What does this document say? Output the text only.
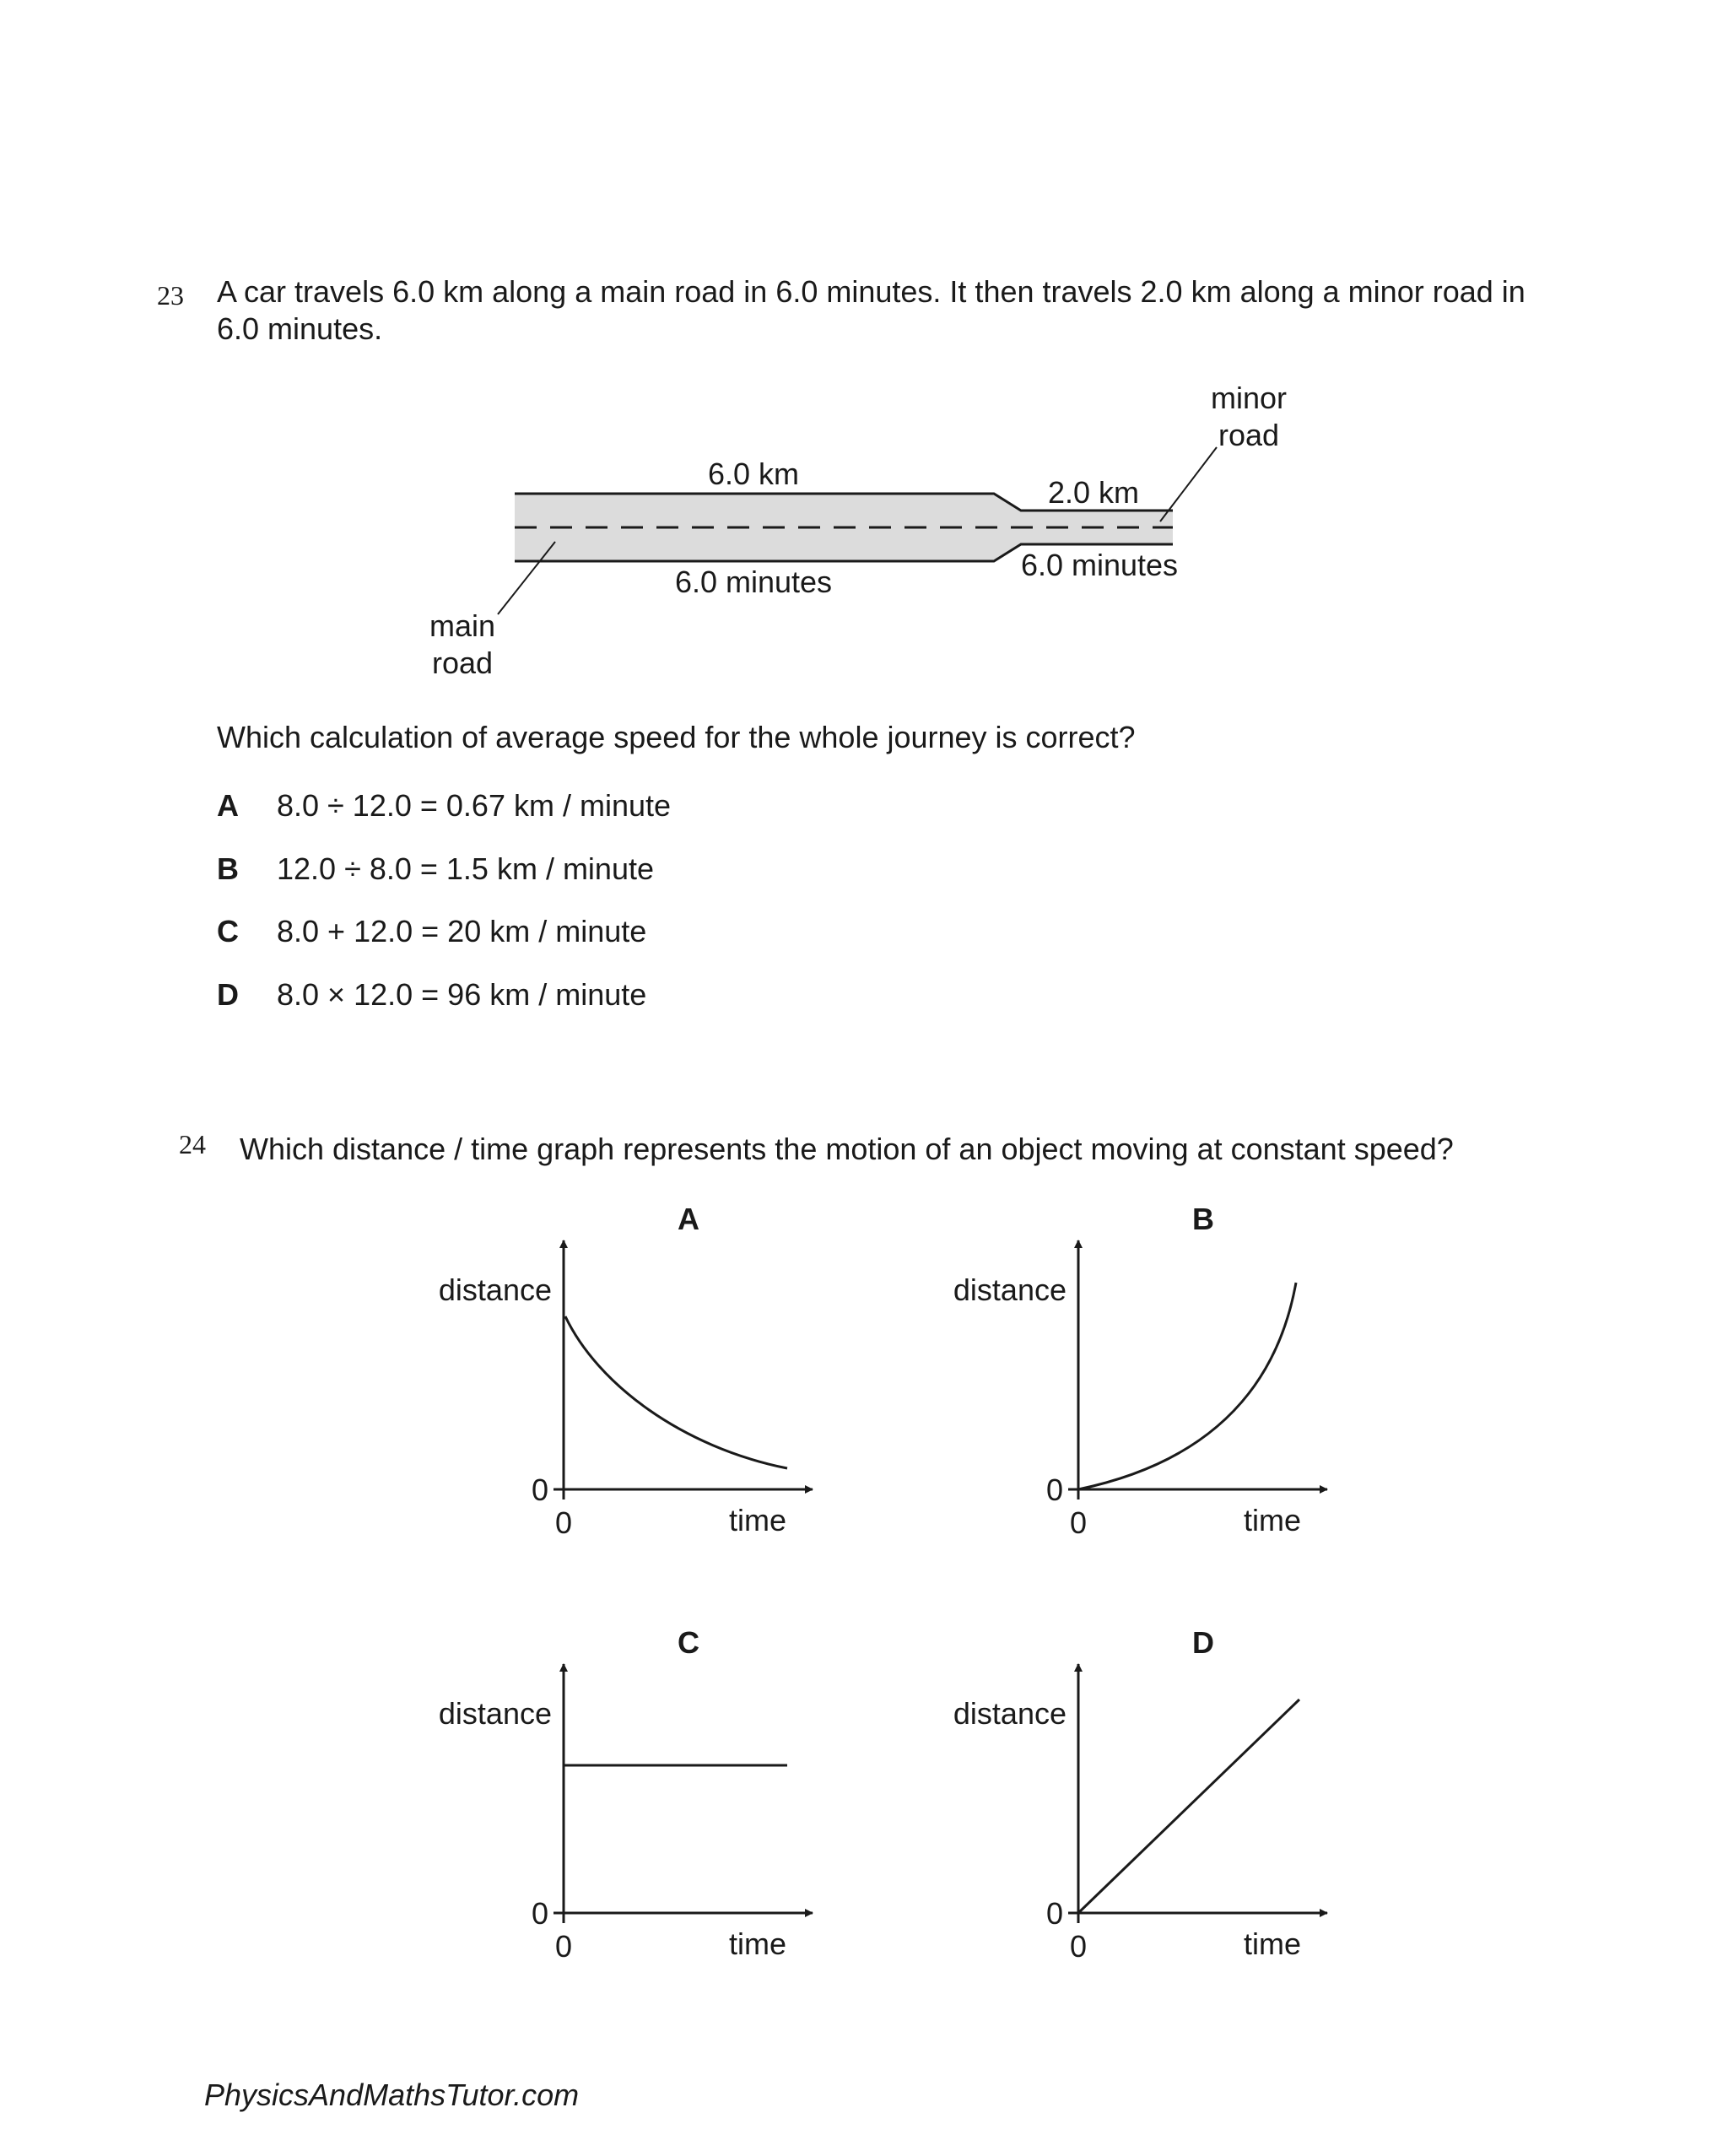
23 A car travels 6.0 km along a main road in 6.0 minutes. It then travels 2.0 km along a minor road in
6.0 minutes.
minor
road
6.0 km
2.0 km
6.0 minutes
6.0 minutes
main
road
Which calculation of average speed for the whole journey is correct?
A 8.0 ÷ 12.0 = 0.67 km / minute
B 12.0 ÷ 8.0 = 1.5 km / minute
C 8.0 + 12.0 = 20 km / minute
D 8.0 × 12.0 = 96 km / minute
24 Which distance / time graph represents the motion of an object moving at constant speed?
A
distance
time
0
0
B
distance
time
0
0
C
distance
time
0
0
D
distance
time
0
0
PhysicsAndMathsTutor.com
